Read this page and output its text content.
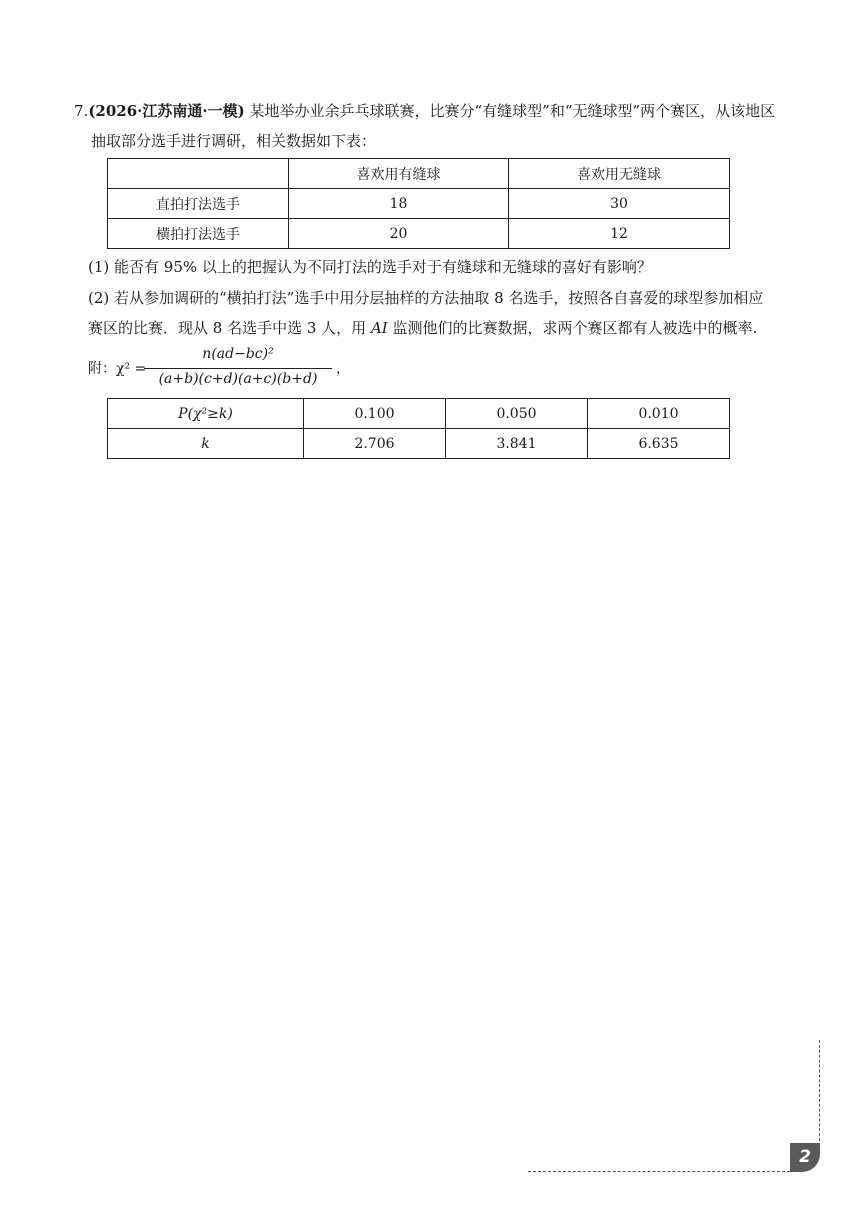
7.(2026·江苏南通·一模) 某地举办业余乒乓球联赛，比赛分“有缝球型”和“无缝球型”两个赛区，从该地区
抽取部分选手进行调研，相关数据如下表：
	喜欢用有缝球	喜欢用无缝球
直拍打法选手	18	30
横拍打法选手	20	12
(1) 能否有 95% 以上的把握认为不同打法的选手对于有缝球和无缝球的喜好有影响？
(2) 若从参加调研的“横拍打法”选手中用分层抽样的方法抽取 8 名选手，按照各自喜爱的球型参加相应
赛区的比赛．现从 8 名选手中选 3 人，用 AI 监测他们的比赛数据，求两个赛区都有人被选中的概率.
附：χ² =
n(ad−bc)²
(a+b)(c+d)(a+c)(b+d)
，
P(χ²≥k)	0.100	0.050	0.010
k	2.706	3.841	6.635
2
